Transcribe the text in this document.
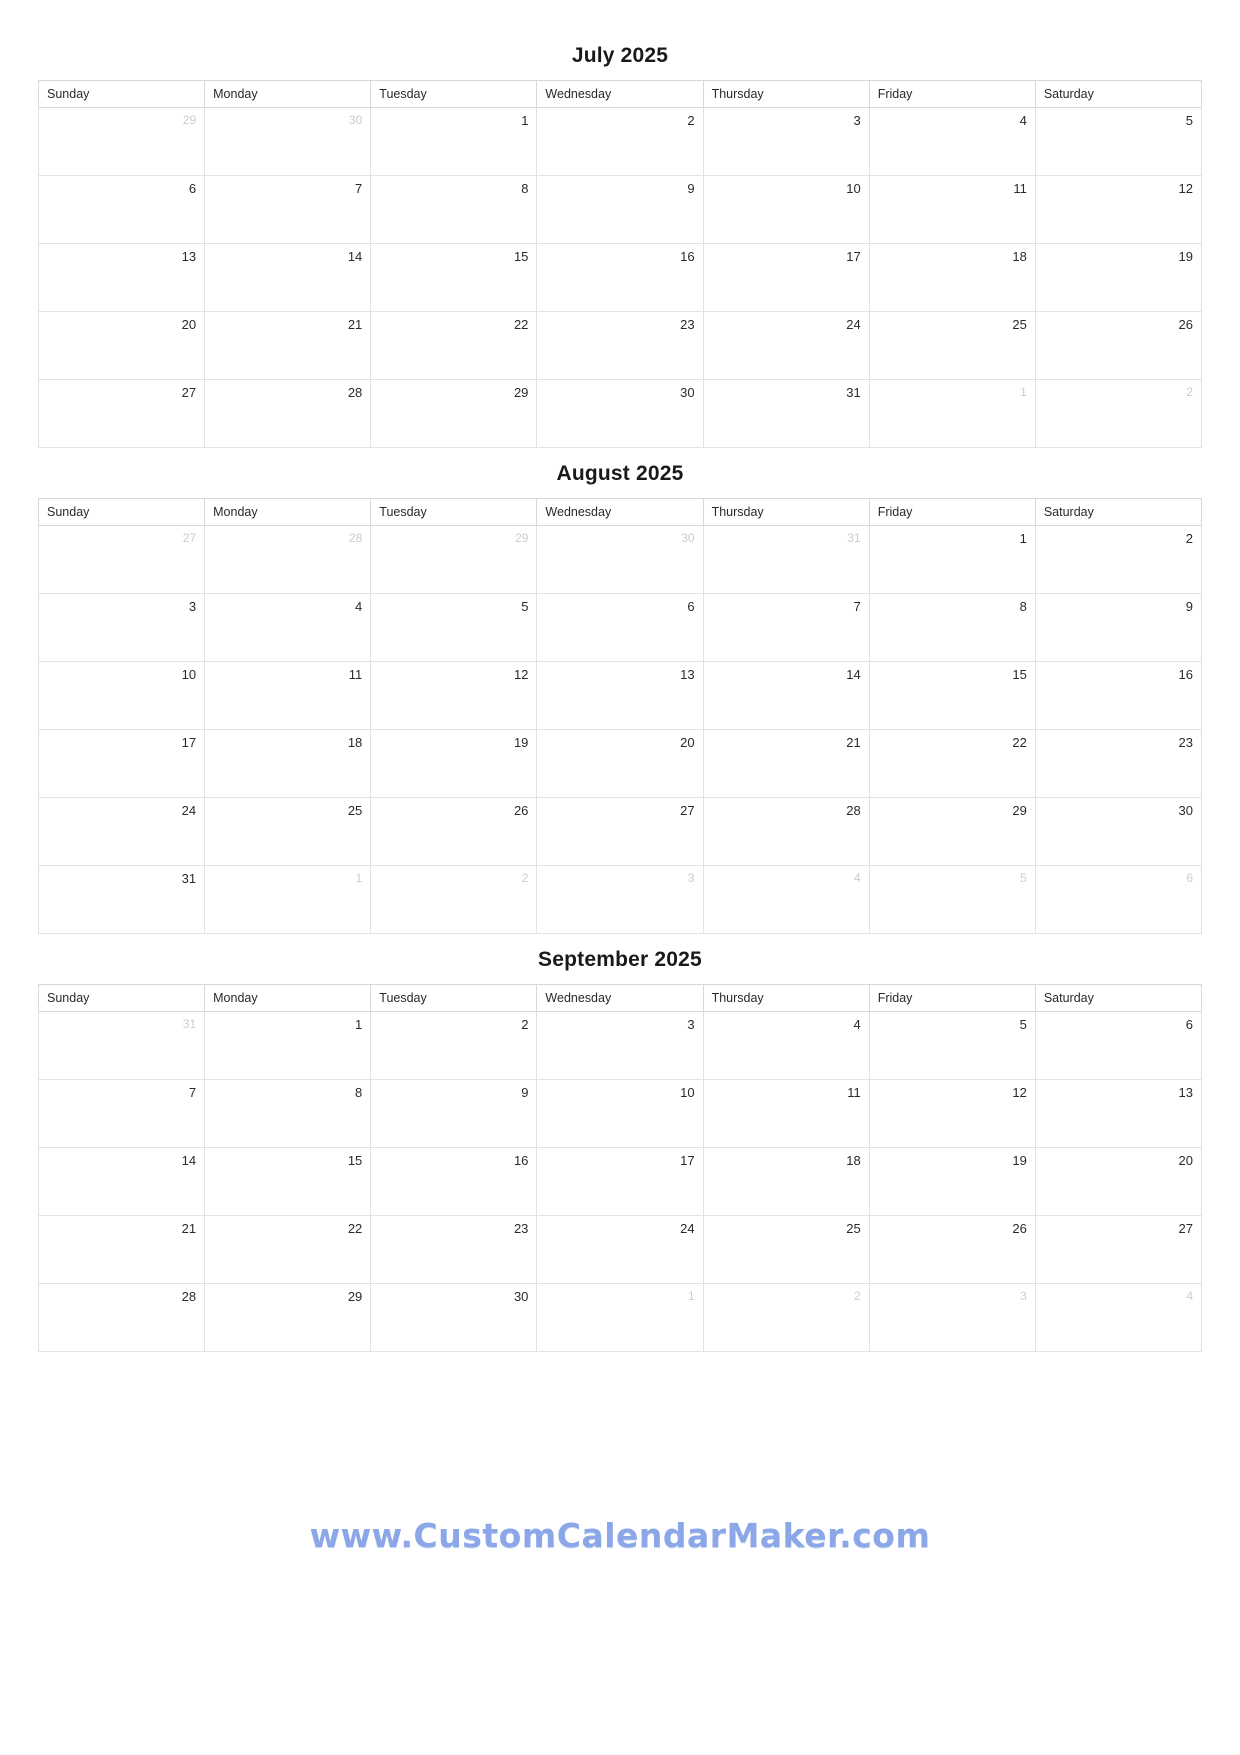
July 2025
Sunday	Monday	Tuesday	Wednesday	Thursday	Friday	Saturday
29	30	1	2	3	4	5
6	7	8	9	10	11	12
13	14	15	16	17	18	19
20	21	22	23	24	25	26
27	28	29	30	31	1	2
August 2025
Sunday	Monday	Tuesday	Wednesday	Thursday	Friday	Saturday
27	28	29	30	31	1	2
3	4	5	6	7	8	9
10	11	12	13	14	15	16
17	18	19	20	21	22	23
24	25	26	27	28	29	30
31	1	2	3	4	5	6
September 2025
Sunday	Monday	Tuesday	Wednesday	Thursday	Friday	Saturday
31	1	2	3	4	5	6
7	8	9	10	11	12	13
14	15	16	17	18	19	20
21	22	23	24	25	26	27
28	29	30	1	2	3	4
www.CustomCalendarMaker.com
